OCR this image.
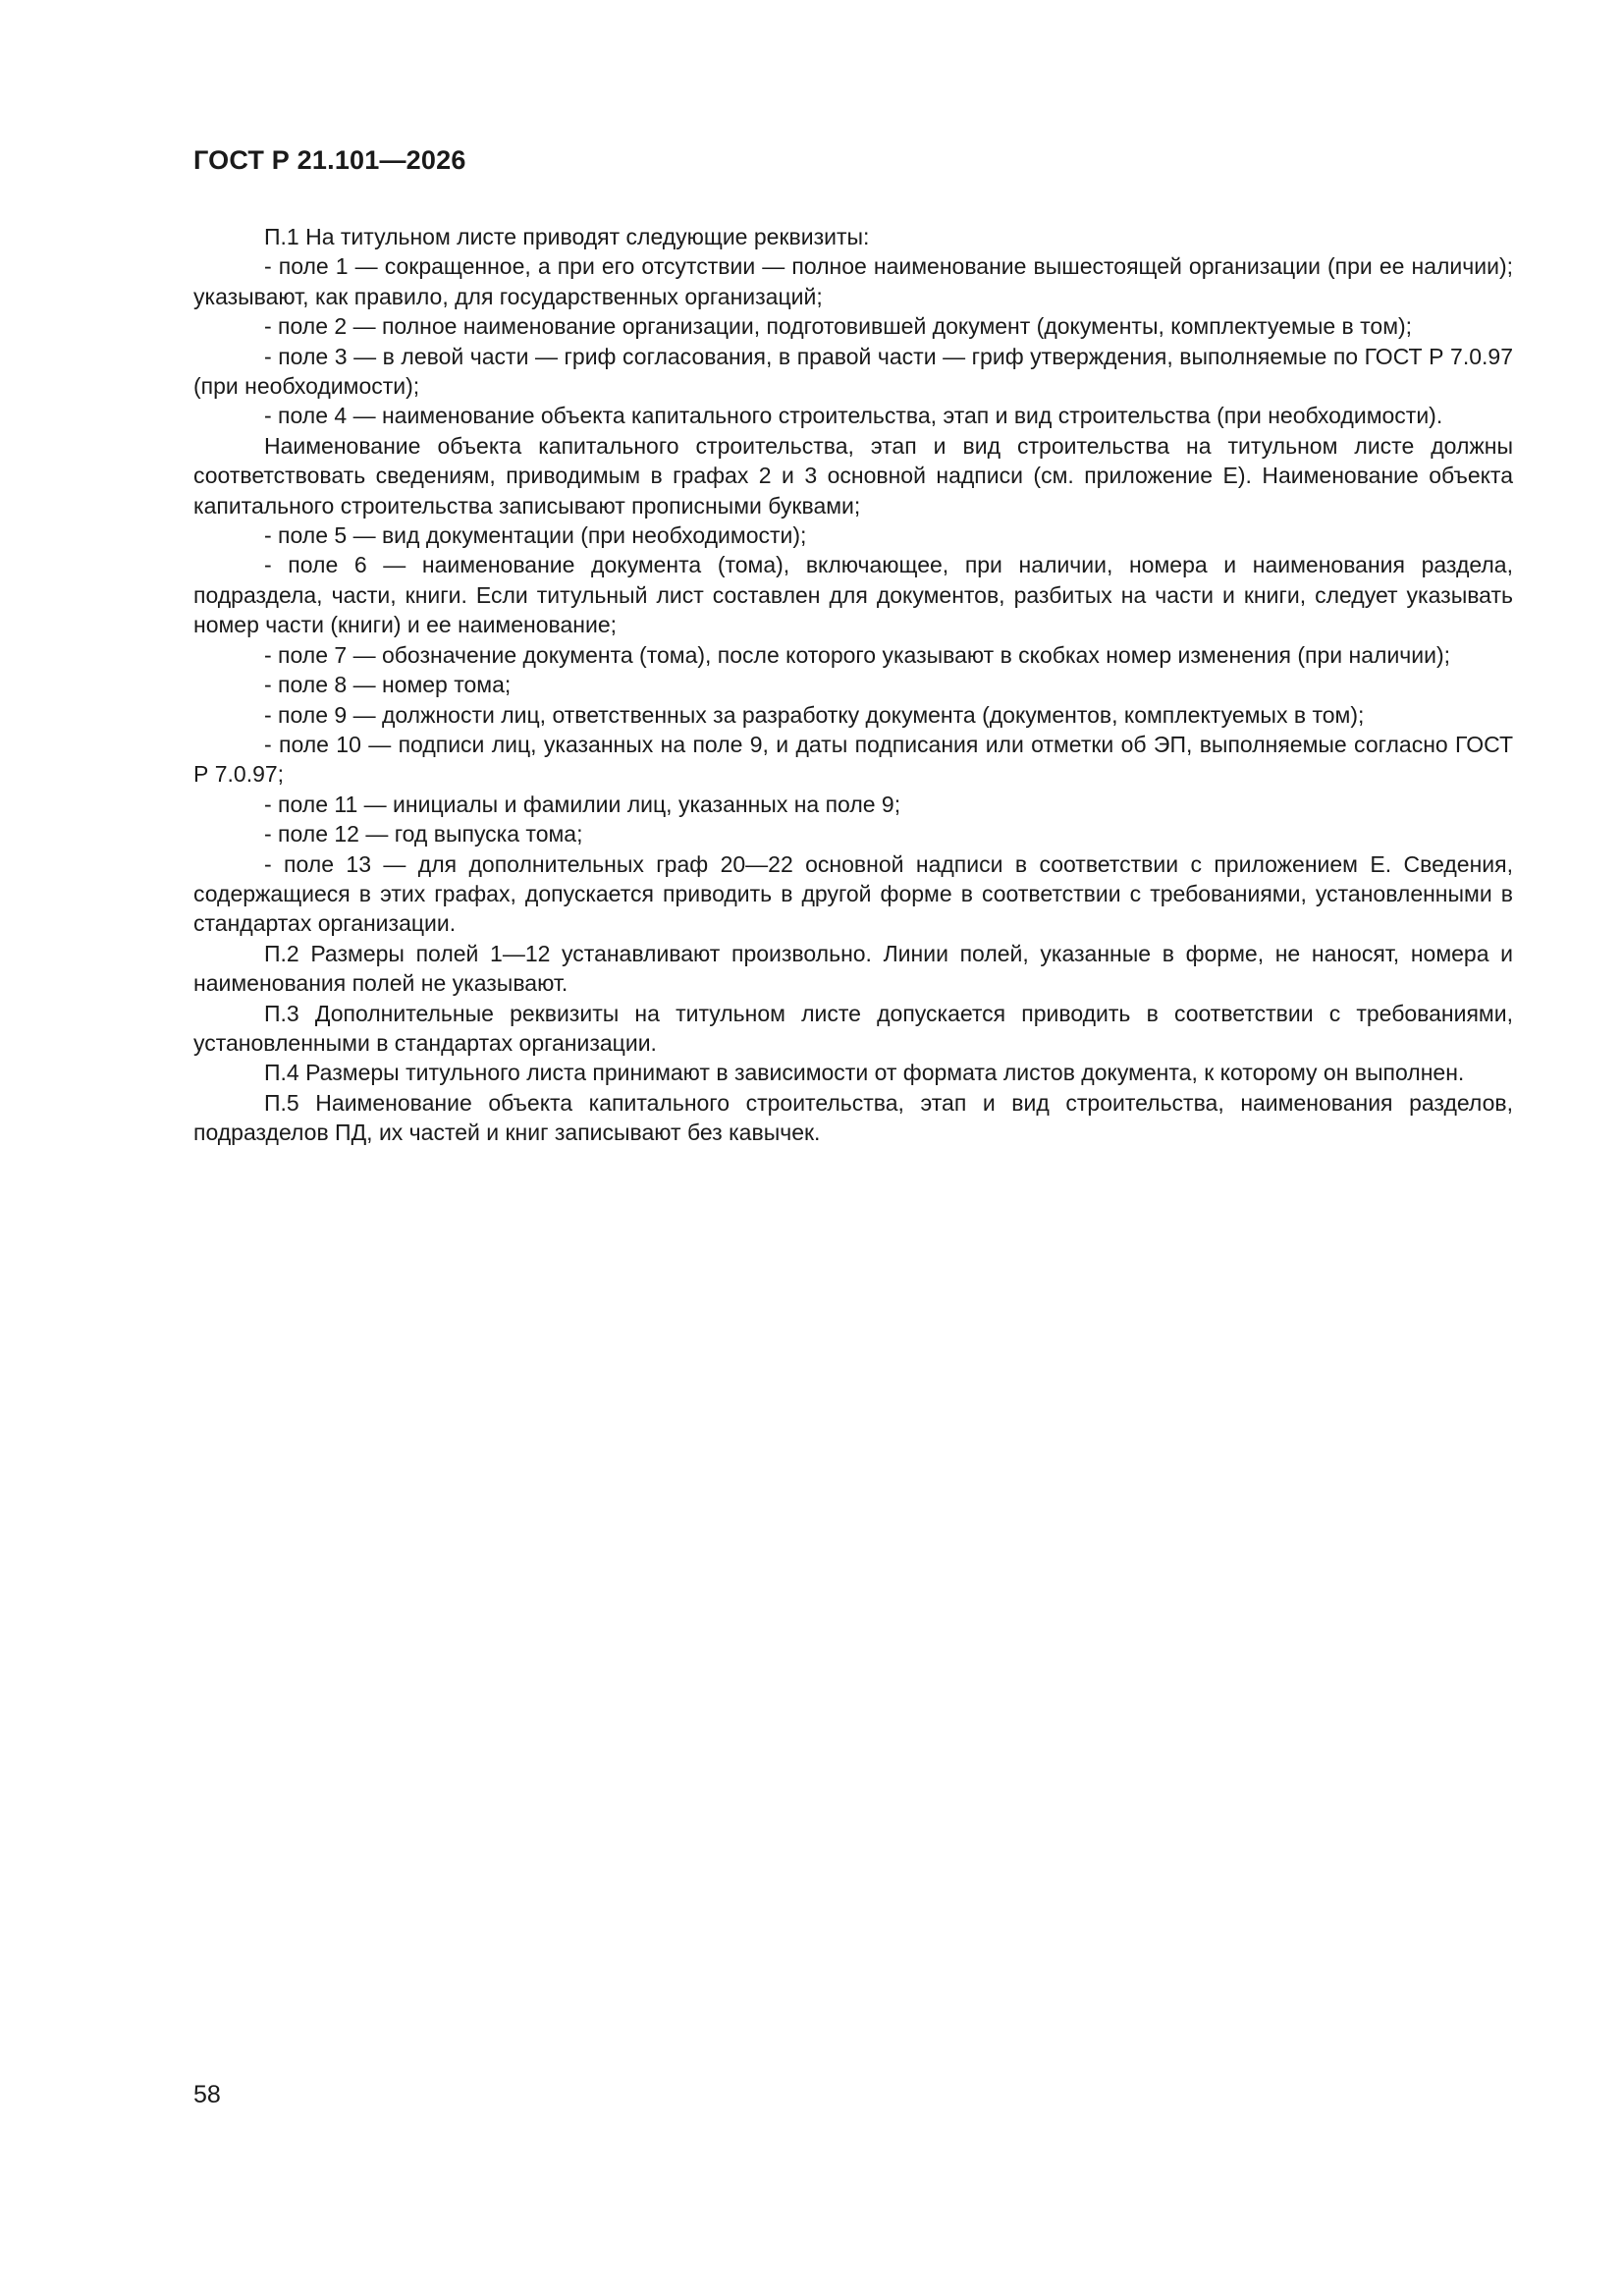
ГОСТ Р 21.101—2026

П.1 На титульном листе приводят следующие реквизиты:

- поле 1 — сокращенное, а при его отсутствии — полное наименование вышестоящей организации (при ее наличии); указывают, как правило, для государственных организаций;

- поле 2 — полное наименование организации, подготовившей документ (документы, комплектуемые в том);

- поле 3 — в левой части — гриф согласования, в правой части — гриф утверждения, выполняемые по ГОСТ Р 7.0.97 (при необходимости);

- поле 4 — наименование объекта капитального строительства, этап и вид строительства (при необходимости).

Наименование объекта капитального строительства, этап и вид строительства на титульном листе должны соответствовать сведениям, приводимым в графах 2 и 3 основной надписи (см. приложение Е). Наименование объекта капитального строительства записывают прописными буквами;

- поле 5 — вид документации (при необходимости);

- поле 6 — наименование документа (тома), включающее, при наличии, номера и наименования раздела, подраздела, части, книги. Если титульный лист составлен для документов, разбитых на части и книги, следует указывать номер части (книги) и ее наименование;

- поле 7 — обозначение документа (тома), после которого указывают в скобках номер изменения (при наличии);

- поле 8 — номер тома;

- поле 9 — должности лиц, ответственных за разработку документа (документов, комплектуемых в том);

- поле 10 — подписи лиц, указанных на поле 9, и даты подписания или отметки об ЭП, выполняемые согласно ГОСТ Р 7.0.97;

- поле 11 — инициалы и фамилии лиц, указанных на поле 9;

- поле 12 — год выпуска тома;

- поле 13 — для дополнительных граф 20—22 основной надписи в соответствии с приложением Е. Сведения, содержащиеся в этих графах, допускается приводить в другой форме в соответствии с требованиями, установленными в стандартах организации.

П.2 Размеры полей 1—12 устанавливают произвольно. Линии полей, указанные в форме, не наносят, номера и наименования полей не указывают.

П.3 Дополнительные реквизиты на титульном листе допускается приводить в соответствии с требованиями, установленными в стандартах организации.

П.4 Размеры титульного листа принимают в зависимости от формата листов документа, к которому он выполнен.

П.5 Наименование объекта капитального строительства, этап и вид строительства, наименования разделов, подразделов ПД, их частей и книг записывают без кавычек.

58
